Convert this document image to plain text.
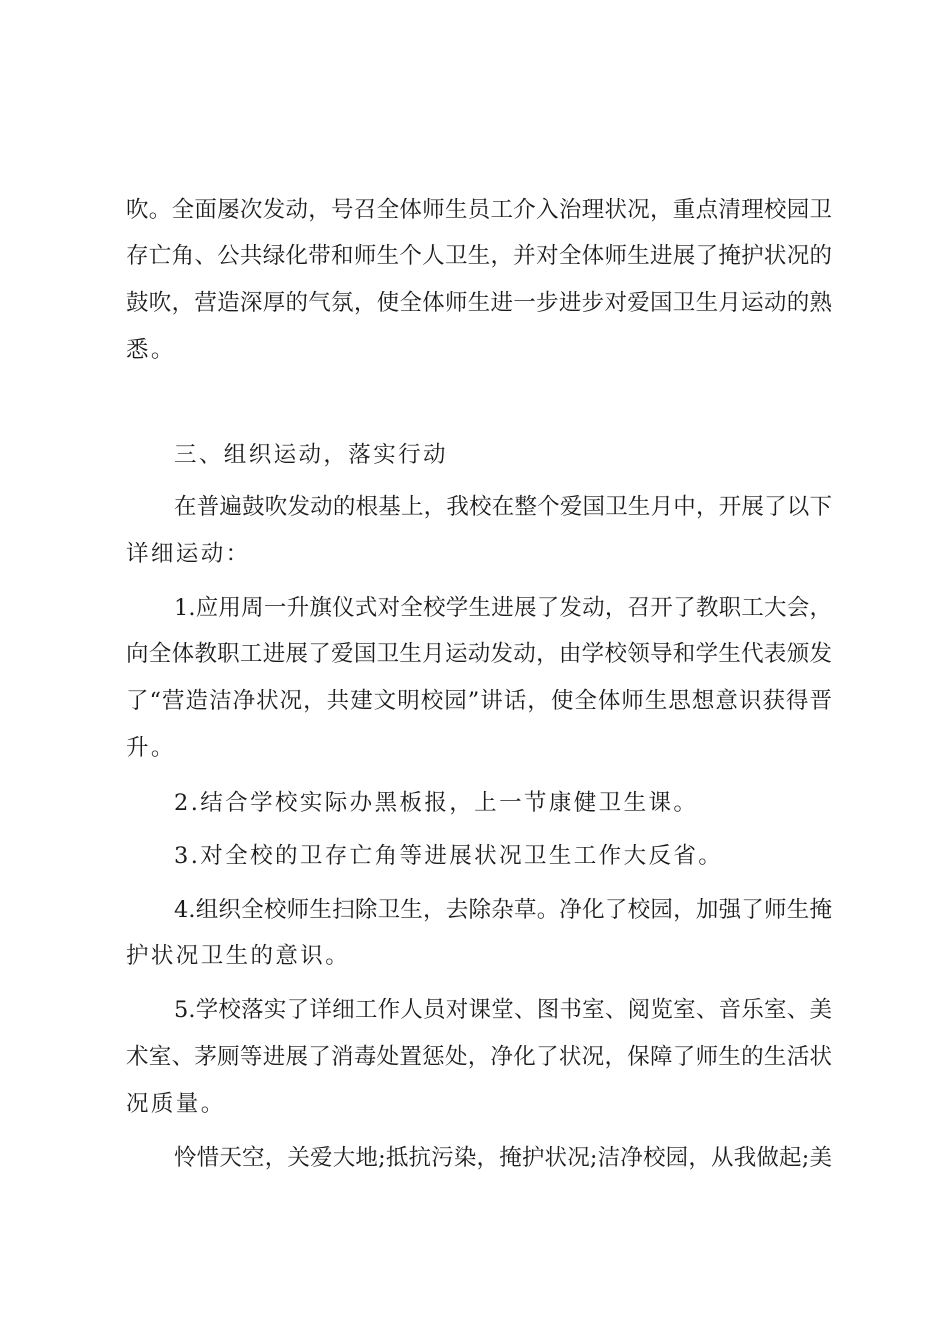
吹。全面屡次发动，号召全体师生员工介入治理状况，重点清理校园卫
存亡角、公共绿化带和师生个人卫生，并对全体师生进展了掩护状况的
鼓吹，营造深厚的气氛，使全体师生进一步进步对爱国卫生月运动的熟
悉。
三、组织运动，落实行动
在普遍鼓吹发动的根基上，我校在整个爱国卫生月中，开展了以下
详细运动：
1.应用周一升旗仪式对全校学生进展了发动，召开了教职工大会，
向全体教职工进展了爱国卫生月运动发动，由学校领导和学生代表颁发
了“营造洁净状况，共建文明校园”讲话，使全体师生思想意识获得晋
升。
2.结合学校实际办黑板报，上一节康健卫生课。
3.对全校的卫存亡角等进展状况卫生工作大反省。
4.组织全校师生扫除卫生，去除杂草。净化了校园，加强了师生掩
护状况卫生的意识。
5.学校落实了详细工作人员对课堂、图书室、阅览室、音乐室、美
术室、茅厕等进展了消毒处置惩处，净化了状况，保障了师生的生活状
况质量。
怜惜天空，关爱大地;抵抗污染，掩护状况;洁净校园，从我做起;美
